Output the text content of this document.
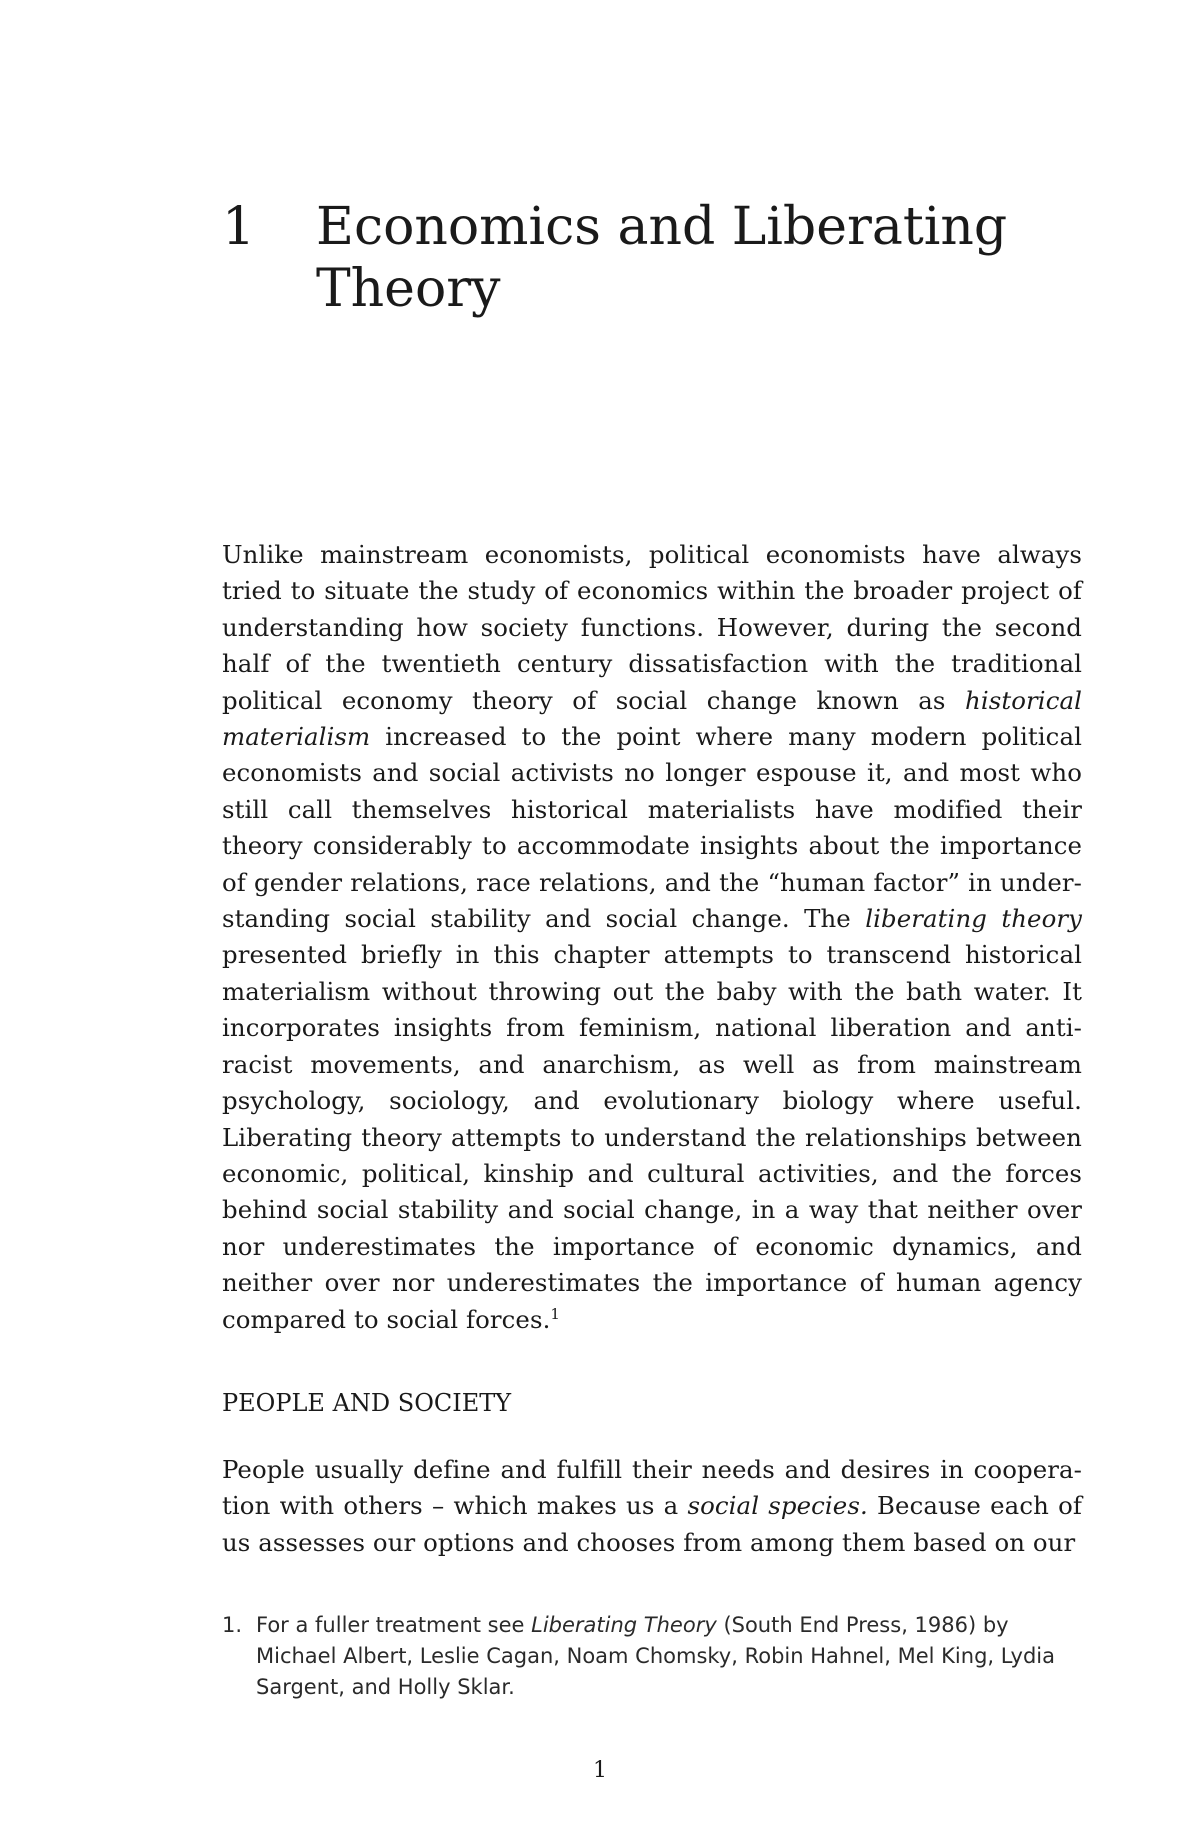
1 Economics and Liberating
Theory

Unlike mainstream economists, political economists have always tried to situate the study of economics within the broader project of understanding how society functions. However, during the second half of the twentieth century dissatisfaction with the traditional political economy theory of social change known as historical materialism increased to the point where many modern political economists and social activists no longer espouse it, and most who still call themselves historical materialists have modified their theory considerably to accommodate insights about the importance of gender relations, race relations, and the “human factor” in under-standing social stability and social change. The liberating theory presented briefly in this chapter attempts to transcend historical materialism without throwing out the baby with the bath water. It incorporates insights from feminism, national liberation and anti-racist movements, and anarchism, as well as from mainstream psychology, sociology, and evolutionary biology where useful. Liberating theory attempts to understand the relationships between economic, political, kinship and cultural activities, and the forces behind social stability and social change, in a way that neither over nor underestimates the importance of economic dynamics, and neither over nor underestimates the importance of human agency compared to social forces.$^1$

PEOPLE AND SOCIETY

People usually define and fulfill their needs and desires in coopera-tion with others – which makes us a social species. Because each of us assesses our options and chooses from among them based on our

1. For a fuller treatment see Liberating Theory (South End Press, 1986) by Michael Albert, Leslie Cagan, Noam Chomsky, Robin Hahnel, Mel King, Lydia Sargent, and Holly Sklar.
1
